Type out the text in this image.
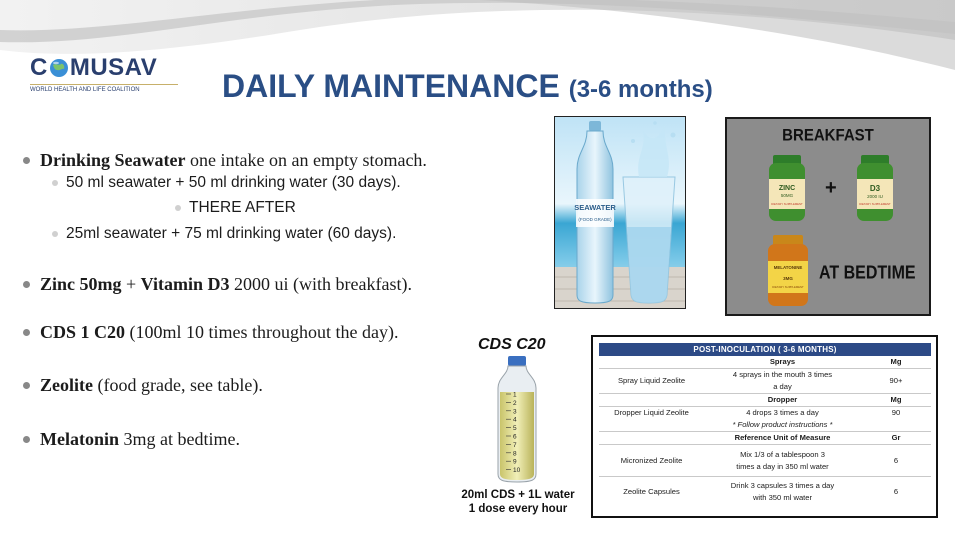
C MUSAV
WORLD HEALTH AND LIFE COALITION	DAILY MAINTENANCE (3-6 months)
Drinking Seawater one intake on an empty stomach.
50 ml seawater + 50 ml drinking water (30 days).
THERE AFTER
25ml seawater + 75 ml drinking water (60 days).
Zinc 50mg + Vitamin D3 2000 ui (with breakfast).
CDS 1 C20 (100ml 10 times throughout the day).
Zeolite (food grade, see table).
Melatonin 3mg at bedtime.
SEAWATER
(FOOD GRADE)
BREAKFAST
+
AT BEDTIME
ZINC
50MG
DIETARY SUPPLEMENT
D3
2000 IU
DIETARY SUPPLEMENT
MELATONINE
3MG
DIETARY SUPPLEMENT
CDS C20
1
2
3
4
5
6
7
8
9
10
20ml CDS + 1L water
1 dose every hour
POST-INOCULATION ( 3-6 MONTHS)		
	Sprays	Mg
Spray Liquid Zeolite	4 sprays in the mouth 3 times
a day	90+
	Dropper	Mg
Dropper Liquid Zeolite	4 drops 3 times a day	90
	* Follow product instructions *	
	Reference Unit of Measure	Gr
Micronized Zeolite	Mix 1/3 of a tablespoon 3
times a day in 350 ml water	6
Zeolite Capsules	Drink 3 capsules 3 times a day
with 350 ml water	6
